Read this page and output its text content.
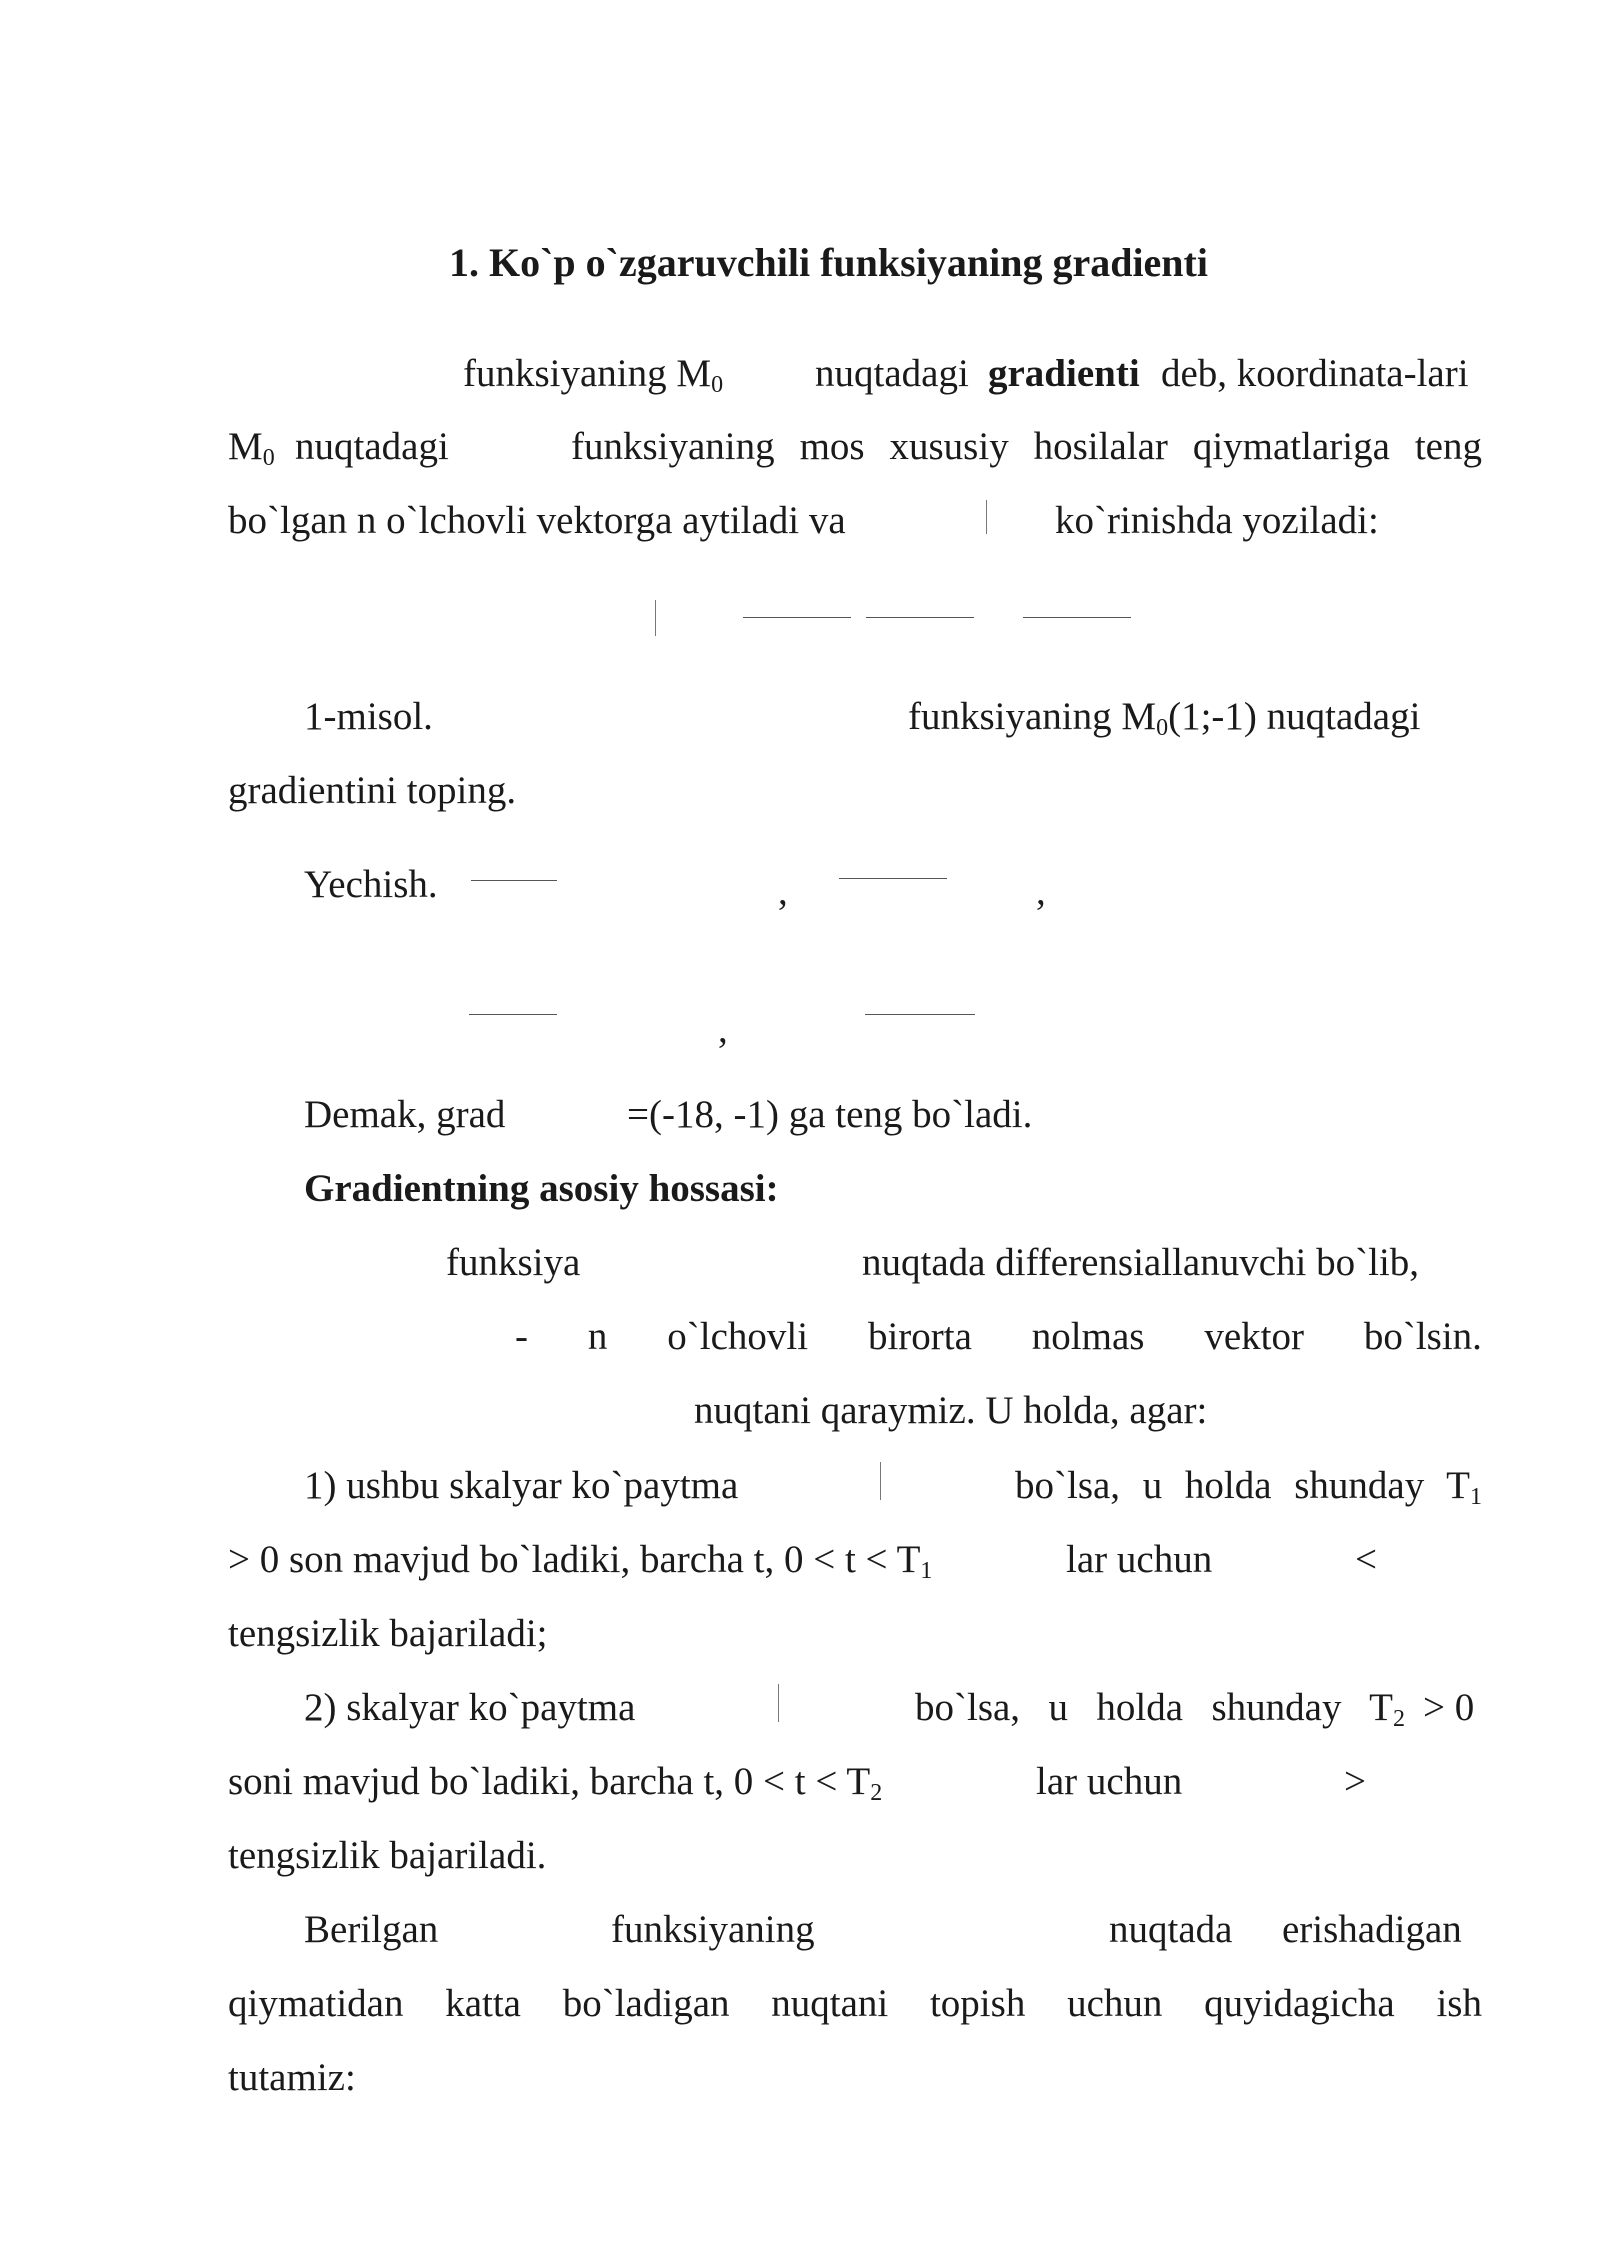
1. Ko`p o`zgaruvchili funksiyaning gradienti
funksiyaning $M_0$ nuqtadagi gradienti deb, koordinata-lari
$M_0$ nuqtadagi	funksiyaning mos xususiy hosilalar qiymatlariga teng
bo`lgan n o`lchovli vektorga aytiladi va	ko`rinishda yoziladi:
1-misol.	funksiyaning $M_0(1;-1)$ nuqtadagi
gradientini toping.
Yechish.	,	,
,
Demak, grad	=(-18, -1) ga teng bo`ladi.
Gradientning asosiy hossasi:
funksiya	nuqtada differensiallanuvchi bo`lib,
- n o`lchovli birorta nolmas vektor bo`lsin.
nuqtani qaraymiz. U holda, agar:
1) ushbu skalyar ko`paytma	bo`lsa, u holda shunday $T_1$
> 0 son mavjud bo`ladiki, barcha t, $0 < t < T_1$	lar uchun	<
tengsizlik bajariladi;
2) skalyar ko`paytma	bo`lsa, u holda shunday $T_2 > 0$
soni mavjud bo`ladiki, barcha t, $0 < t < T_2$	lar uchun	>
tengsizlik bajariladi.
Berilgan	funksiyaning	nuqtada erishadigan
qiymatidan katta bo`ladigan nuqtani topish uchun quyidagicha ish
tutamiz:
